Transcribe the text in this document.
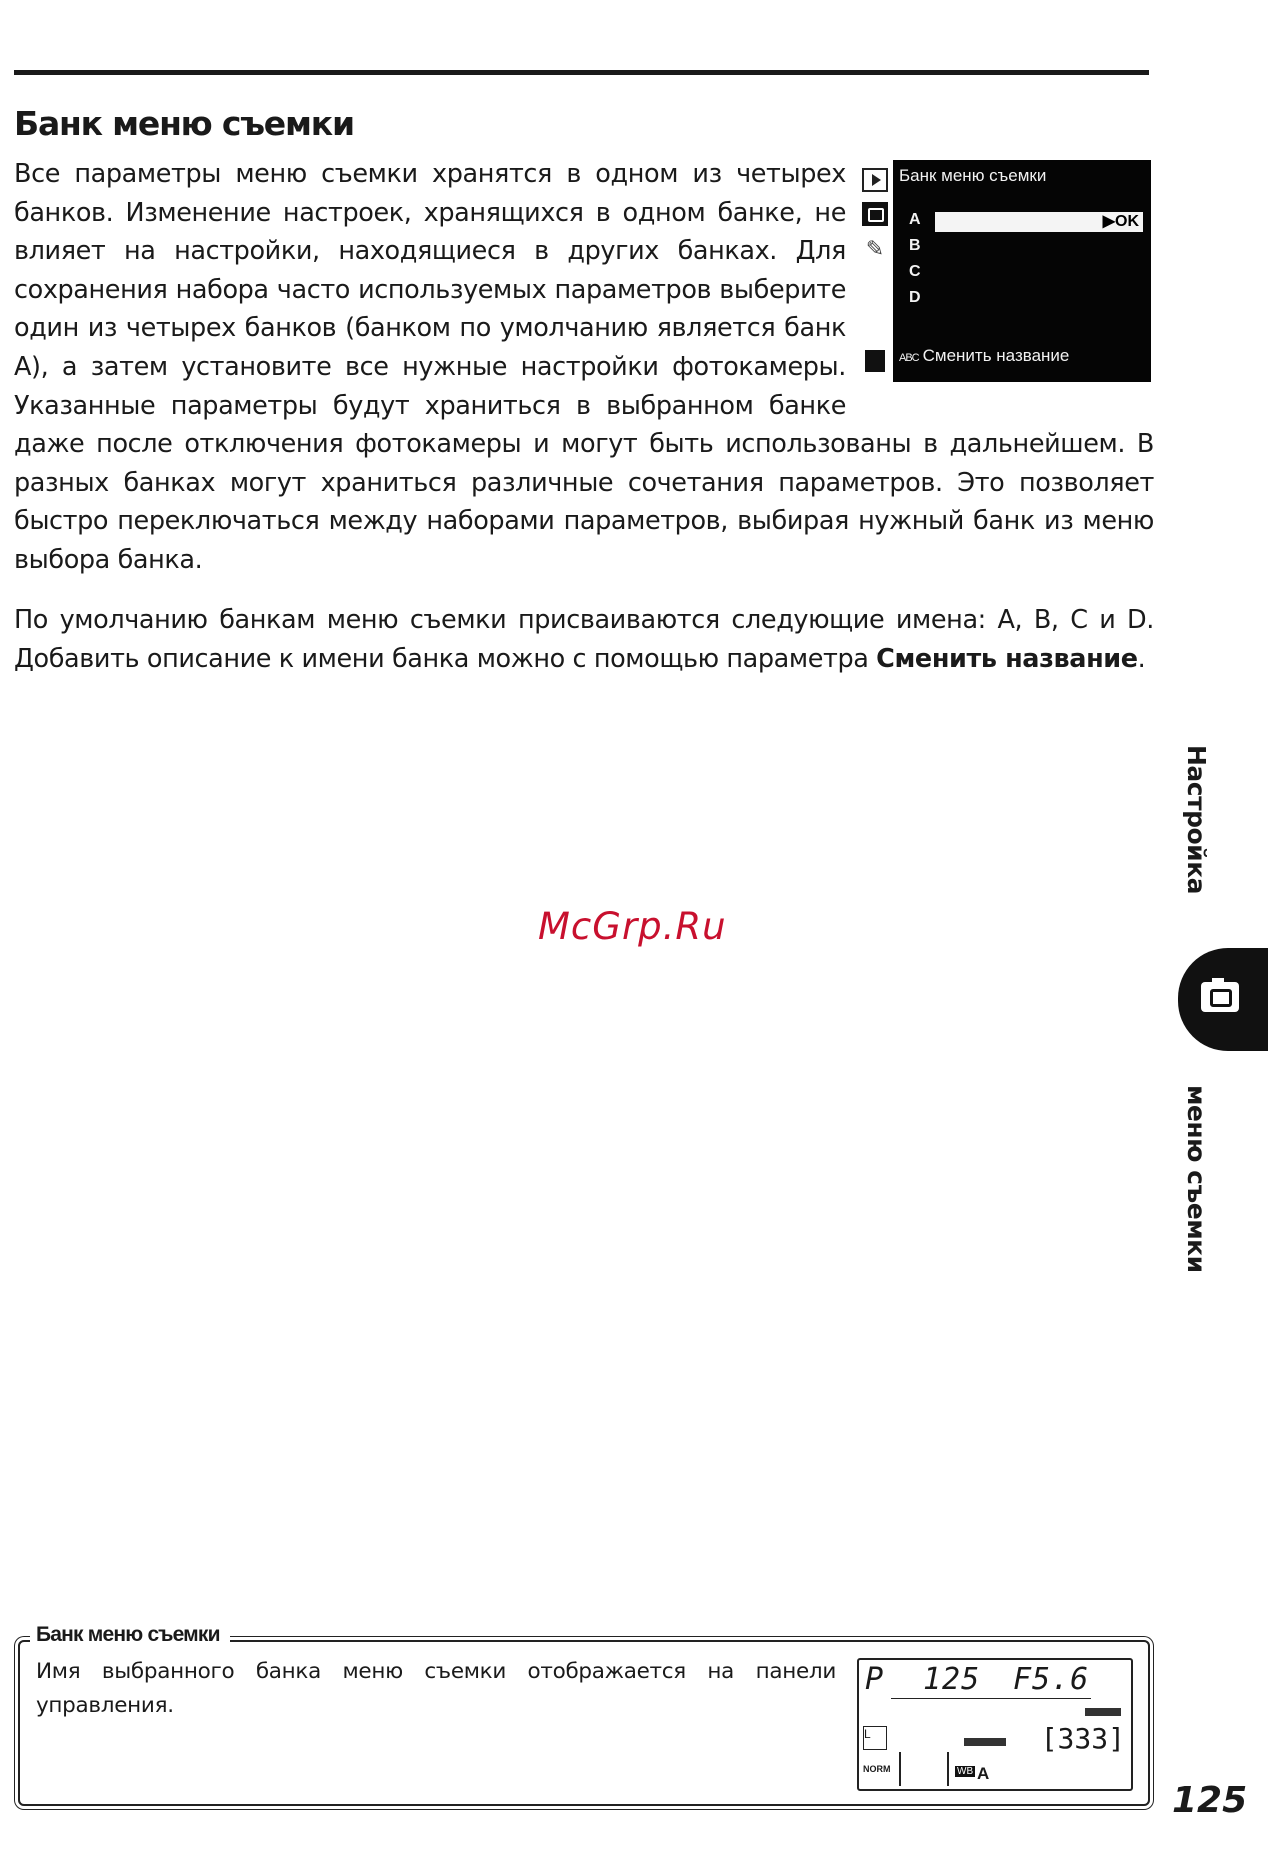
Банк меню съемки

Все параметры меню съемки хранятся в одном из четырех банков. Изменение настроек, хранящихся в одном банке, не влияет на настройки, находящиеся в других банках. Для сохранения набора часто используемых параметров выберите один из четырех банков (банком по умолчанию является банк A), а затем установите все нужные настройки фотокамеры. Указанные параметры будут храниться в выбранном банке даже после отключения фотокамеры и могут быть использованы в дальнейшем. В разных банках могут храниться различные сочетания параметров. Это позволяет быстро переключаться между наборами параметров, выбирая нужный банк из меню выбора банка.

По умолчанию банкам меню съемки присваиваются следующие имена: A, B, C и D. Добавить описание к имени банка можно с помощью параметра Сменить название.

✎
Банк меню съемки
▶OK
A
B
C
D
ABC Сменить название
Настройка
меню съемки
McGrp.Ru
Банк меню съемки

Имя выбранного банка меню съемки отображается на панели управления.

P 125 F5.6
L	[333]
NORM	WB A
125
